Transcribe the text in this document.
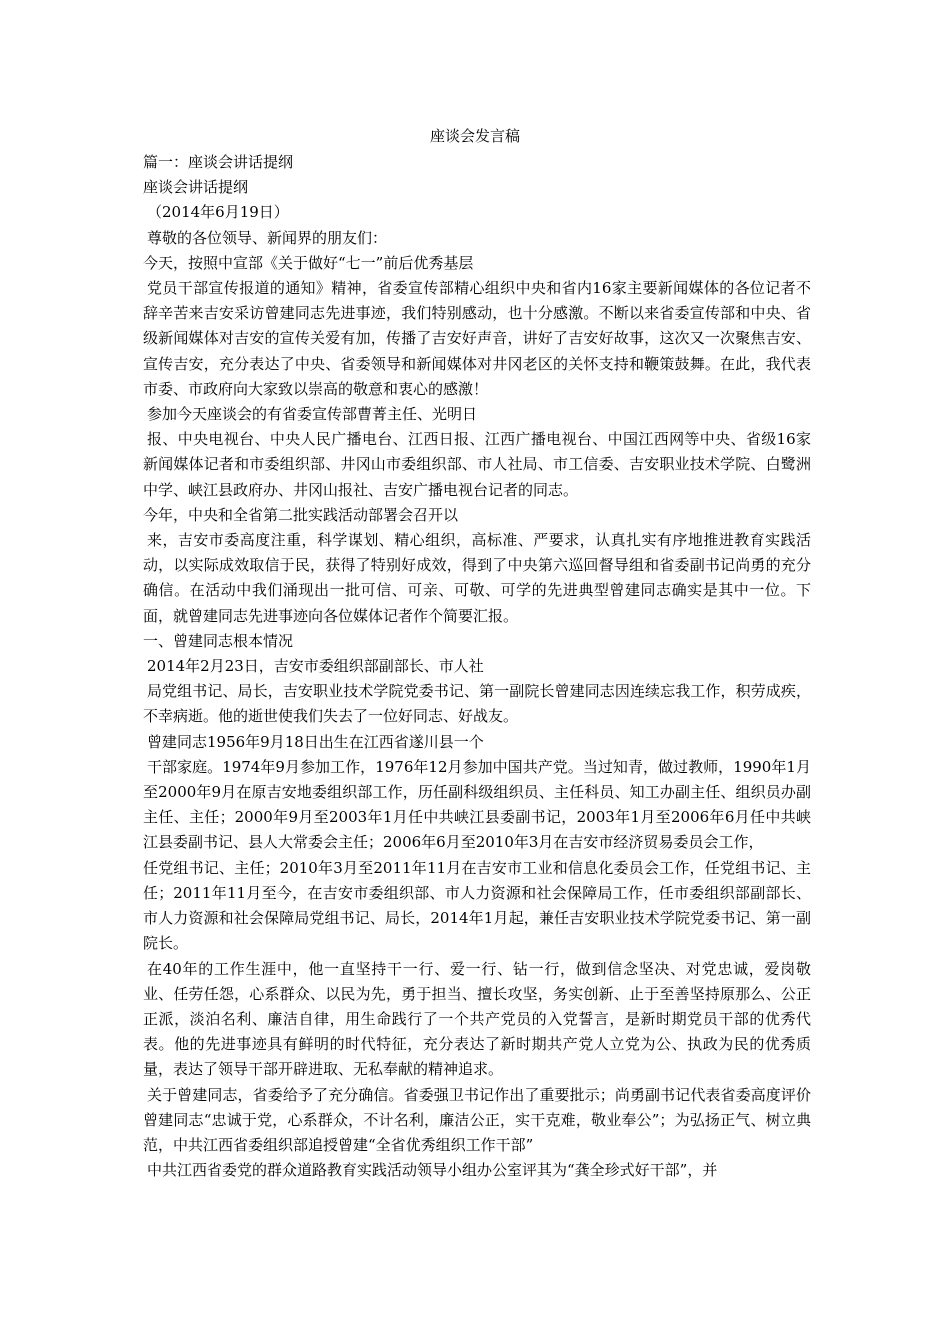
座谈会发言稿

篇一：座谈会讲话提纲

座谈会讲话提纲

（2014年6月19日）

尊敬的各位领导、新闻界的朋友们：

今天，按照中宣部《关于做好“七一”前后优秀基层

党员干部宣传报道的通知》精神，省委宣传部精心组织中央和省内16家主要新闻媒体的各位记者不辞辛苦来吉安采访曾建同志先进事迹，我们特别感动，也十分感激。不断以来省委宣传部和中央、省级新闻媒体对吉安的宣传关爱有加，传播了吉安好声音，讲好了吉安好故事，这次又一次聚焦吉安、宣传吉安，充分表达了中央、省委领导和新闻媒体对井冈老区的关怀支持和鞭策鼓舞。在此，我代表市委、市政府向大家致以崇高的敬意和衷心的感激！

参加今天座谈会的有省委宣传部曹菁主任、光明日

报、中央电视台、中央人民广播电台、江西日报、江西广播电视台、中国江西网等中央、省级16家新闻媒体记者和市委组织部、井冈山市委组织部、市人社局、市工信委、吉安职业技术学院、白鹭洲中学、峡江县政府办、井冈山报社、吉安广播电视台记者的同志。

今年，中央和全省第二批实践活动部署会召开以

来，吉安市委高度注重，科学谋划、精心组织，高标准、严要求，认真扎实有序地推进教育实践活动，以实际成效取信于民，获得了特别好成效，得到了中央第六巡回督导组和省委副书记尚勇的充分确信。在活动中我们涌现出一批可信、可亲、可敬、可学的先进典型曾建同志确实是其中一位。下面，就曾建同志先进事迹向各位媒体记者作个简要汇报。

一、曾建同志根本情况

2014年2月23日，吉安市委组织部副部长、市人社

局党组书记、局长，吉安职业技术学院党委书记、第一副院长曾建同志因连续忘我工作，积劳成疾，不幸病逝。他的逝世使我们失去了一位好同志、好战友。

曾建同志1956年9月18日出生在江西省遂川县一个

干部家庭。1974年9月参加工作，1976年12月参加中国共产党。当过知青，做过教师，1990年1月至2000年9月在原吉安地委组织部工作，历任副科级组织员、主任科员、知工办副主任、组织员办副主任、主任；2000年9月至2003年1月任中共峡江县委副书记，2003年1月至2006年6月任中共峡江县委副书记、县人大常委会主任；2006年6月至2010年3月在吉安市经济贸易委员会工作，

任党组书记、主任；2010年3月至2011年11月在吉安市工业和信息化委员会工作，任党组书记、主任；2011年11月至今，在吉安市委组织部、市人力资源和社会保障局工作，任市委组织部副部长、市人力资源和社会保障局党组书记、局长，2014年1月起，兼任吉安职业技术学院党委书记、第一副院长。

在40年的工作生涯中，他一直坚持干一行、爱一行、钻一行，做到信念坚决、对党忠诚，爱岗敬业、任劳任怨，心系群众、以民为先，勇于担当、擅长攻坚，务实创新、止于至善坚持原那么、公正正派，淡泊名利、廉洁自律，用生命践行了一个共产党员的入党誓言，是新时期党员干部的优秀代表。他的先进事迹具有鲜明的时代特征，充分表达了新时期共产党人立党为公、执政为民的优秀质量，表达了领导干部开辟进取、无私奉献的精神追求。

关于曾建同志，省委给予了充分确信。省委强卫书记作出了重要批示；尚勇副书记代表省委高度评价曾建同志“忠诚于党，心系群众，不计名利，廉洁公正，实干克难，敬业奉公”；为弘扬正气、树立典范，中共江西省委组织部追授曾建“全省优秀组织工作干部”

中共江西省委党的群众道路教育实践活动领导小组办公室评其为“龚全珍式好干部”，并
